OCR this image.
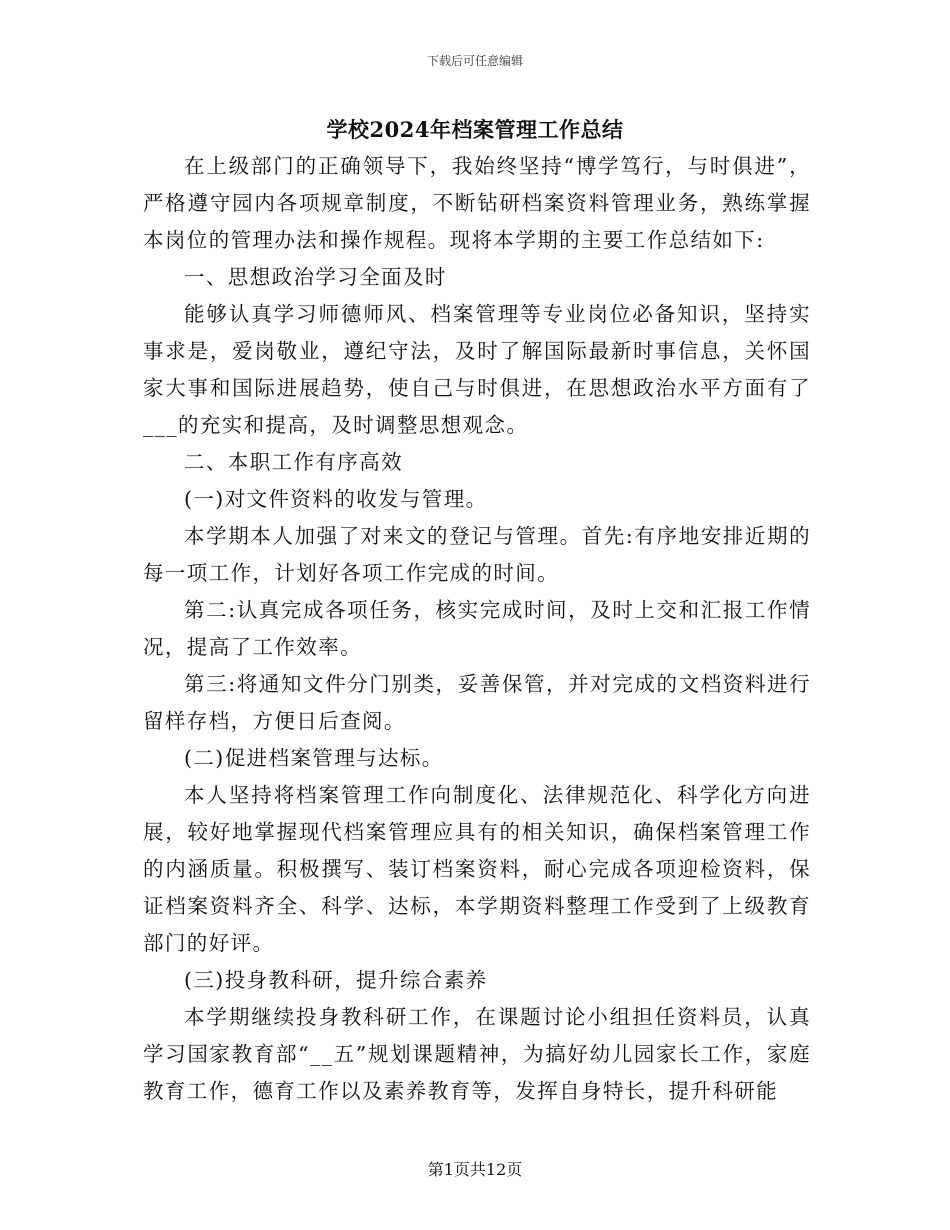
下载后可任意编辑
学校2024年档案管理工作总结

在上级部门的正确领导下，我始终坚持“博学笃行，与时俱进”，严格遵守园内各项规章制度，不断钻研档案资料管理业务，熟练掌握本岗位的管理办法和操作规程。现将本学期的主要工作总结如下:

一、思想政治学习全面及时

能够认真学习师德师风、档案管理等专业岗位必备知识，坚持实事求是，爱岗敬业，遵纪守法，及时了解国际最新时事信息，关怀国家大事和国际进展趋势，使自己与时俱进，在思想政治水平方面有了___的充实和提高，及时调整思想观念。

二、本职工作有序高效

(一)对文件资料的收发与管理。

本学期本人加强了对来文的登记与管理。首先:有序地安排近期的每一项工作，计划好各项工作完成的时间。

第二:认真完成各项任务，核实完成时间，及时上交和汇报工作情况，提高了工作效率。

第三:将通知文件分门别类，妥善保管，并对完成的文档资料进行留样存档，方便日后查阅。

(二)促进档案管理与达标。

本人坚持将档案管理工作向制度化、法律规范化、科学化方向进展，较好地掌握现代档案管理应具有的相关知识，确保档案管理工作的内涵质量。积极撰写、装订档案资料，耐心完成各项迎检资料，保证档案资料齐全、科学、达标，本学期资料整理工作受到了上级教育部门的好评。

(三)投身教科研，提升综合素养

本学期继续投身教科研工作，在课题讨论小组担任资料员，认真学习国家教育部“__五”规划课题精神，为搞好幼儿园家长工作，家庭教育工作，德育工作以及素养教育等，发挥自身特长，提升科研能

第1页共12页
